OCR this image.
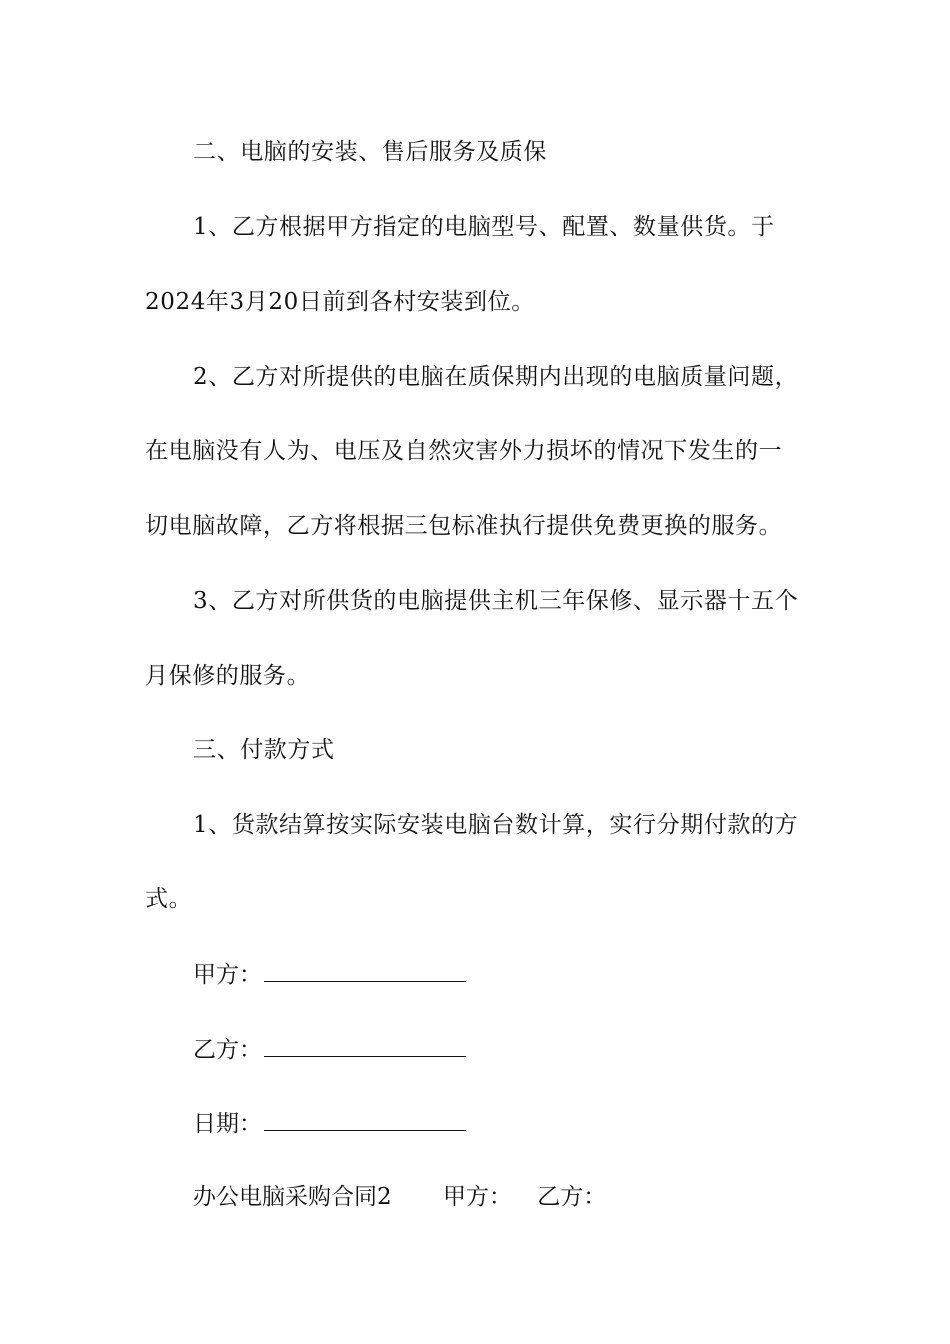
二、电脑的安装、售后服务及质保
1、乙方根据甲方指定的电脑型号、配置、数量供货。于
2024年3月20日前到各村安装到位。
2、乙方对所提供的电脑在质保期内出现的电脑质量问题，
在电脑没有人为、电压及自然灾害外力损坏的情况下发生的一
切电脑故障，乙方将根据三包标准执行提供免费更换的服务。
3、乙方对所供货的电脑提供主机三年保修、显示器十五个
月保修的服务。
三、付款方式
1、货款结算按实际安装电脑台数计算，实行分期付款的方
式。
甲方：
乙方：
日期：
办公电脑采购合同2 甲方： 乙方：
